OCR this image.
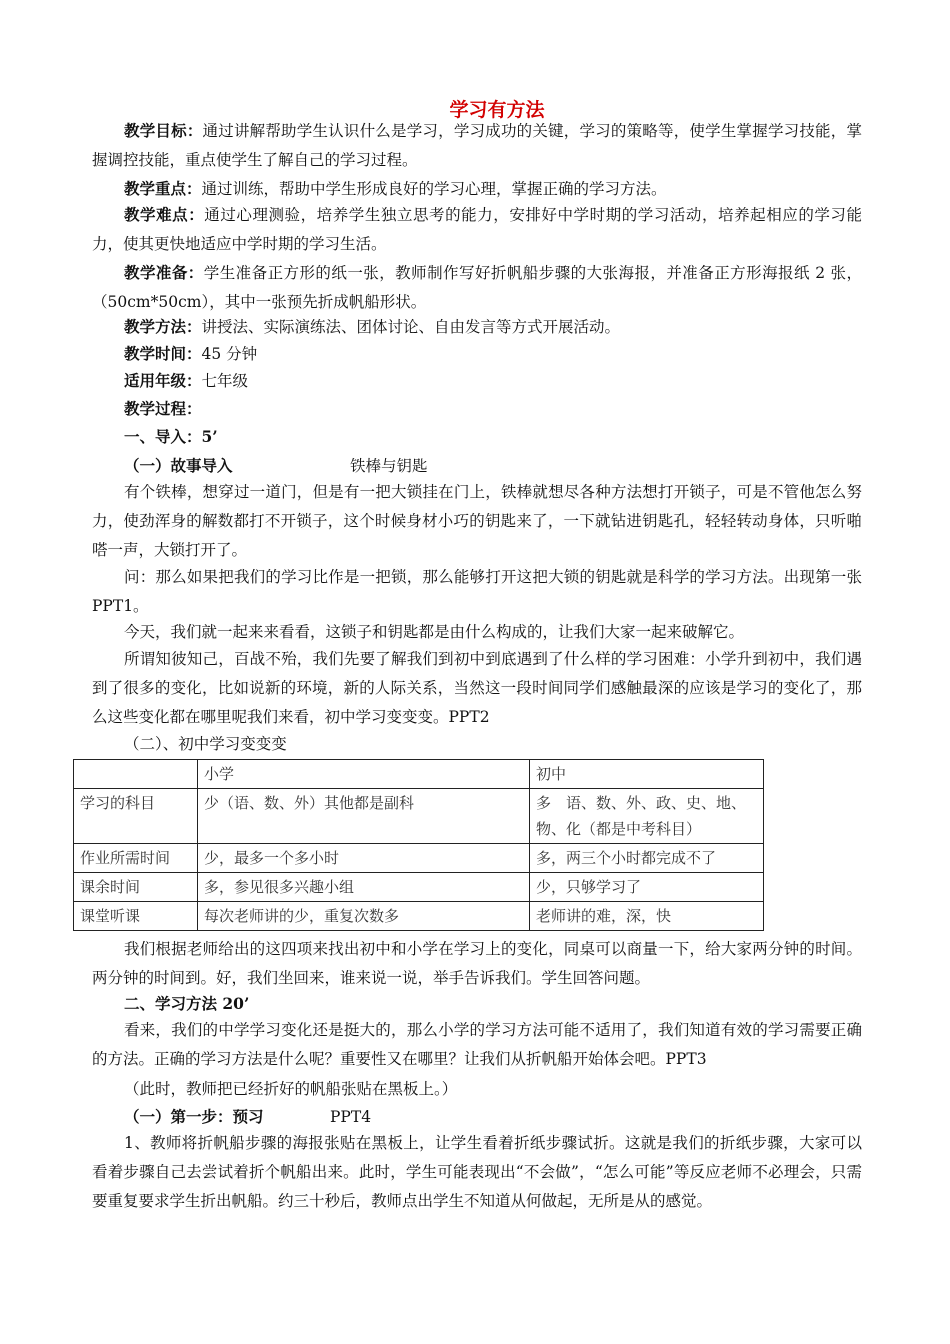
学习有方法
教学目标：通过讲解帮助学生认识什么是学习，学习成功的关键，学习的策略等，使学生掌握学习技能，掌握调控技能，重点使学生了解自己的学习过程。
教学重点：通过训练，帮助中学生形成良好的学习心理，掌握正确的学习方法。
教学难点：通过心理测验，培养学生独立思考的能力，安排好中学时期的学习活动，培养起相应的学习能力，使其更快地适应中学时期的学习生活。
教学准备：学生准备正方形的纸一张，教师制作写好折帆船步骤的大张海报，并准备正方形海报纸 2 张，（50cm*50cm），其中一张预先折成帆船形状。
教学方法：讲授法、实际演练法、团体讨论、自由发言等方式开展活动。
教学时间：45 分钟
适用年级：七年级
教学过程：
一、导入：5’
（一）故事导入	铁棒与钥匙
有个铁棒，想穿过一道门，但是有一把大锁挂在门上，铁棒就想尽各种方法想打开锁子，可是不管他怎么努力，使劲浑身的解数都打不开锁子，这个时候身材小巧的钥匙来了，一下就钻进钥匙孔，轻轻转动身体，只听啪嗒一声，大锁打开了。
问：那么如果把我们的学习比作是一把锁，那么能够打开这把大锁的钥匙就是科学的学习方法。出现第一张 PPT1。
今天，我们就一起来来看看，这锁子和钥匙都是由什么构成的，让我们大家一起来破解它。
所谓知彼知己，百战不殆，我们先要了解我们到初中到底遇到了什么样的学习困难：小学升到初中，我们遇到了很多的变化，比如说新的环境，新的人际关系，当然这一段时间同学们感触最深的应该是学习的变化了，那么这些变化都在哪里呢我们来看，初中学习变变变。PPT2
（二）、初中学习变变变
	小学	初中
学习的科目	少（语、数、外）其他都是副科	多　语、数、外、政、史、地、物、化（都是中考科目）
作业所需时间	少，最多一个多小时	多，两三个小时都完成不了
课余时间	多，参见很多兴趣小组	少，只够学习了
课堂听课	每次老师讲的少，重复次数多	老师讲的难，深，快
我们根据老师给出的这四项来找出初中和小学在学习上的变化，同桌可以商量一下，给大家两分钟的时间。两分钟的时间到。好，我们坐回来，谁来说一说，举手告诉我们。学生回答问题。
二、学习方法 20’
看来，我们的中学学习变化还是挺大的，那么小学的学习方法可能不适用了，我们知道有效的学习需要正确的方法。正确的学习方法是什么呢？重要性又在哪里？让我们从折帆船开始体会吧。PPT3
（此时，教师把已经折好的帆船张贴在黑板上。）
（一）第一步：预习	PPT4
1、教师将折帆船步骤的海报张贴在黑板上，让学生看着折纸步骤试折。这就是我们的折纸步骤，大家可以看着步骤自己去尝试着折个帆船出来。此时，学生可能表现出“不会做”，“怎么可能”等反应老师不必理会，只需要重复要求学生折出帆船。约三十秒后，教师点出学生不知道从何做起，无所是从的感觉。
